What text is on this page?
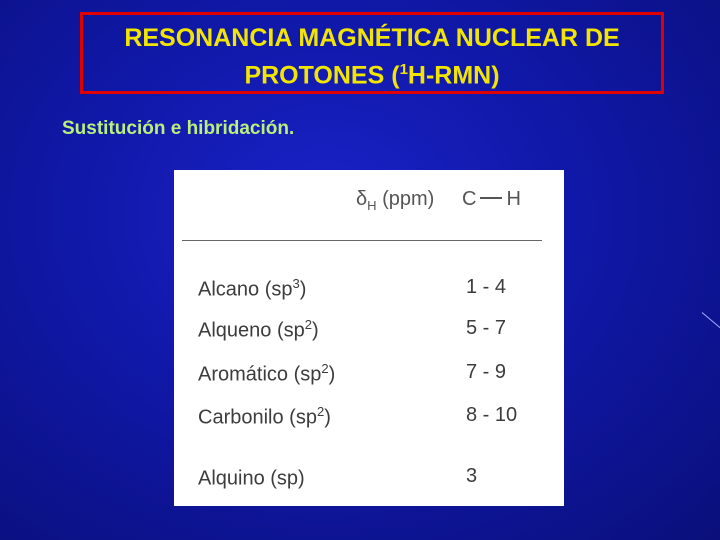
RESONANCIA MAGNÉTICA NUCLEAR DE
PROTONES ($^1$H-RMN)
Sustitución e hibridación.
$\delta_H$ (ppm) C H
Alcano $(sp^3)$	1 - 4
Alqueno $(sp^2)$	5 - 7
Aromático $(sp^2)$	7 - 9
Carbonilo $(sp^2)$	8 - 10
Alquino (sp)	3
